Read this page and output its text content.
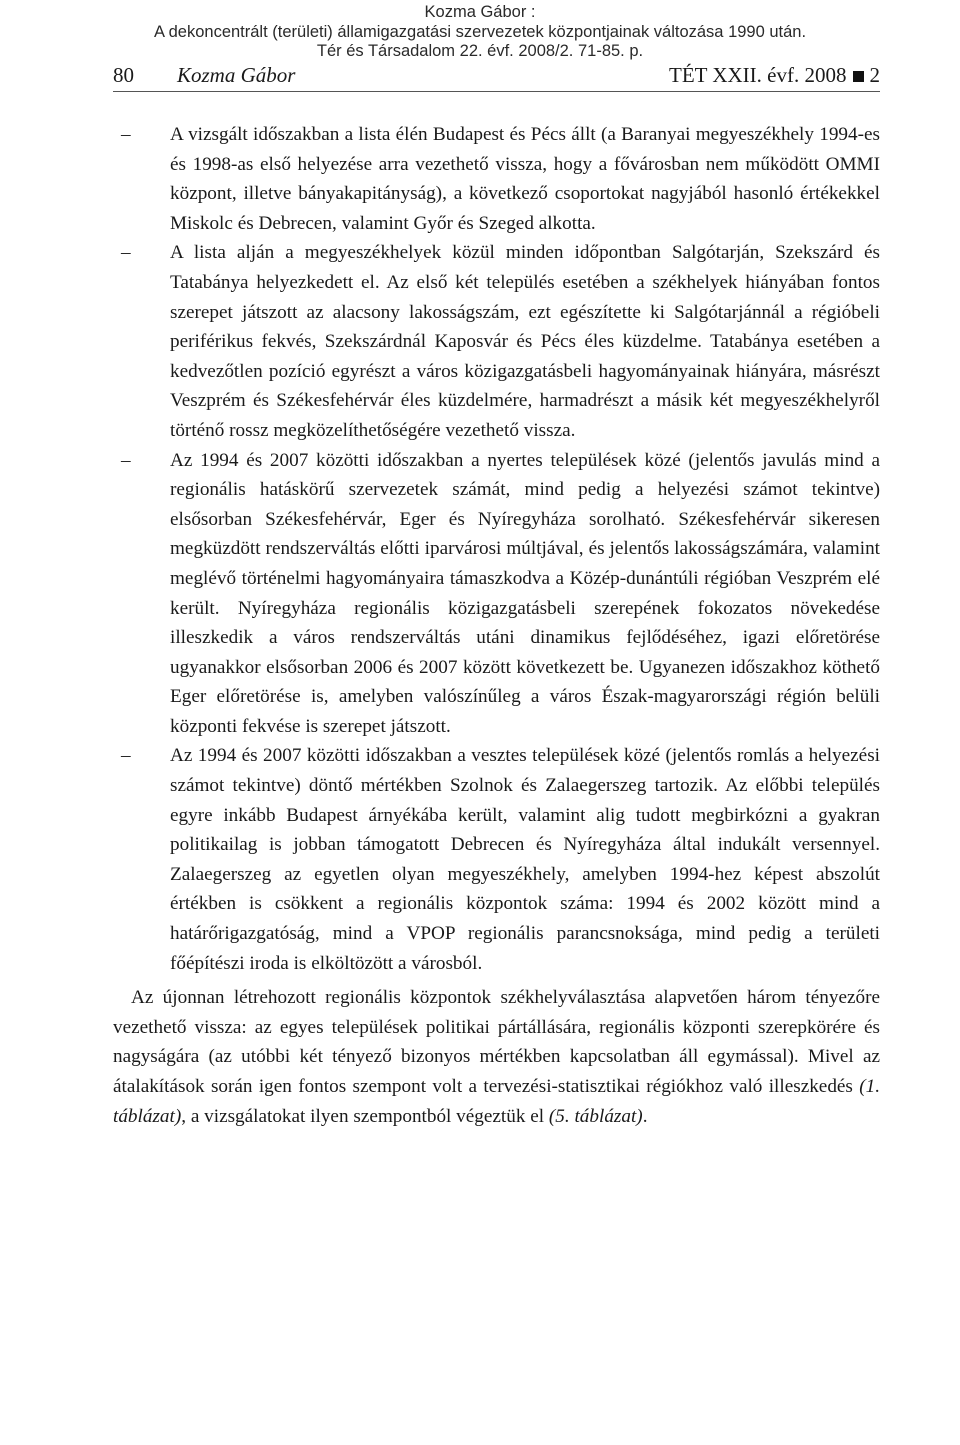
Kozma Gábor :
A dekoncentrált (területi) államigazgatási szervezetek központjainak változása 1990 után.
Tér és Társadalom 22. évf. 2008/2. 71-85. p.
80 Kozma Gábor	TÉT XXII. évf. 2008 2
– A vizsgált időszakban a lista élén Budapest és Pécs állt (a Baranyai megyeszékhely 1994-es és 1998-as első helyezése arra vezethető vissza, hogy a fővárosban nem működött OMMI központ, illetve bányakapitányság), a következő csoportokat nagyjából hasonló értékekkel Miskolc és Debrecen, valamint Győr és Szeged alkotta.
– A lista alján a megyeszékhelyek közül minden időpontban Salgótarján, Szekszárd és Tatabánya helyezkedett el. Az első két település esetében a székhelyek hiányában fontos szerepet játszott az alacsony lakosságszám, ezt egészítette ki Salgótarjánnál a régióbeli periférikus fekvés, Szekszárdnál Kaposvár és Pécs éles küzdelme. Tatabánya esetében a kedvezőtlen pozíció egyrészt a város közigazgatásbeli hagyományainak hiányára, másrészt Veszprém és Székesfehérvár éles küzdelmére, harmadrészt a másik két megyeszékhelyről történő rossz megközelíthetőségére vezethető vissza.
– Az 1994 és 2007 közötti időszakban a nyertes települések közé (jelentős javulás mind a regionális hatáskörű szervezetek számát, mind pedig a helyezési számot tekintve) elsősorban Székesfehérvár, Eger és Nyíregyháza sorolható. Székesfehérvár sikeresen megküzdött rendszerváltás előtti iparvárosi múltjával, és jelentős lakosságszámára, valamint meglévő történelmi hagyományaira támaszkodva a Közép-dunántúli régióban Veszprém elé került. Nyíregyháza regionális közigazgatásbeli szerepének fokozatos növekedése illeszkedik a város rendszerváltás utáni dinamikus fejlődéséhez, igazi előretörése ugyanakkor elsősorban 2006 és 2007 között következett be. Ugyanezen időszakhoz köthető Eger előretörése is, amelyben valószínűleg a város Észak-magyarországi régión belüli központi fekvése is szerepet játszott.
– Az 1994 és 2007 közötti időszakban a vesztes települések közé (jelentős romlás a helyezési számot tekintve) döntő mértékben Szolnok és Zalaegerszeg tartozik. Az előbbi település egyre inkább Budapest árnyékába került, valamint alig tudott megbirkózni a gyakran politikailag is jobban támogatott Debrecen és Nyíregyháza által indukált versennyel. Zalaegerszeg az egyetlen olyan megyeszékhely, amelyben 1994-hez képest abszolút értékben is csökkent a regionális központok száma: 1994 és 2002 között mind a határőrigazgatóság, mind a VPOP regionális parancsnoksága, mind pedig a területi főépítészi iroda is elköltözött a városból.
Az újonnan létrehozott regionális központok székhelyválasztása alapvetően három tényezőre vezethető vissza: az egyes települések politikai pártállására, regionális központi szerepkörére és nagyságára (az utóbbi két tényező bizonyos mértékben kapcsolatban áll egymással). Mivel az átalakítások során igen fontos szempont volt a tervezési-statisztikai régiókhoz való illeszkedés (1. táblázat), a vizsgálatokat ilyen szempontból végeztük el (5. táblázat).
